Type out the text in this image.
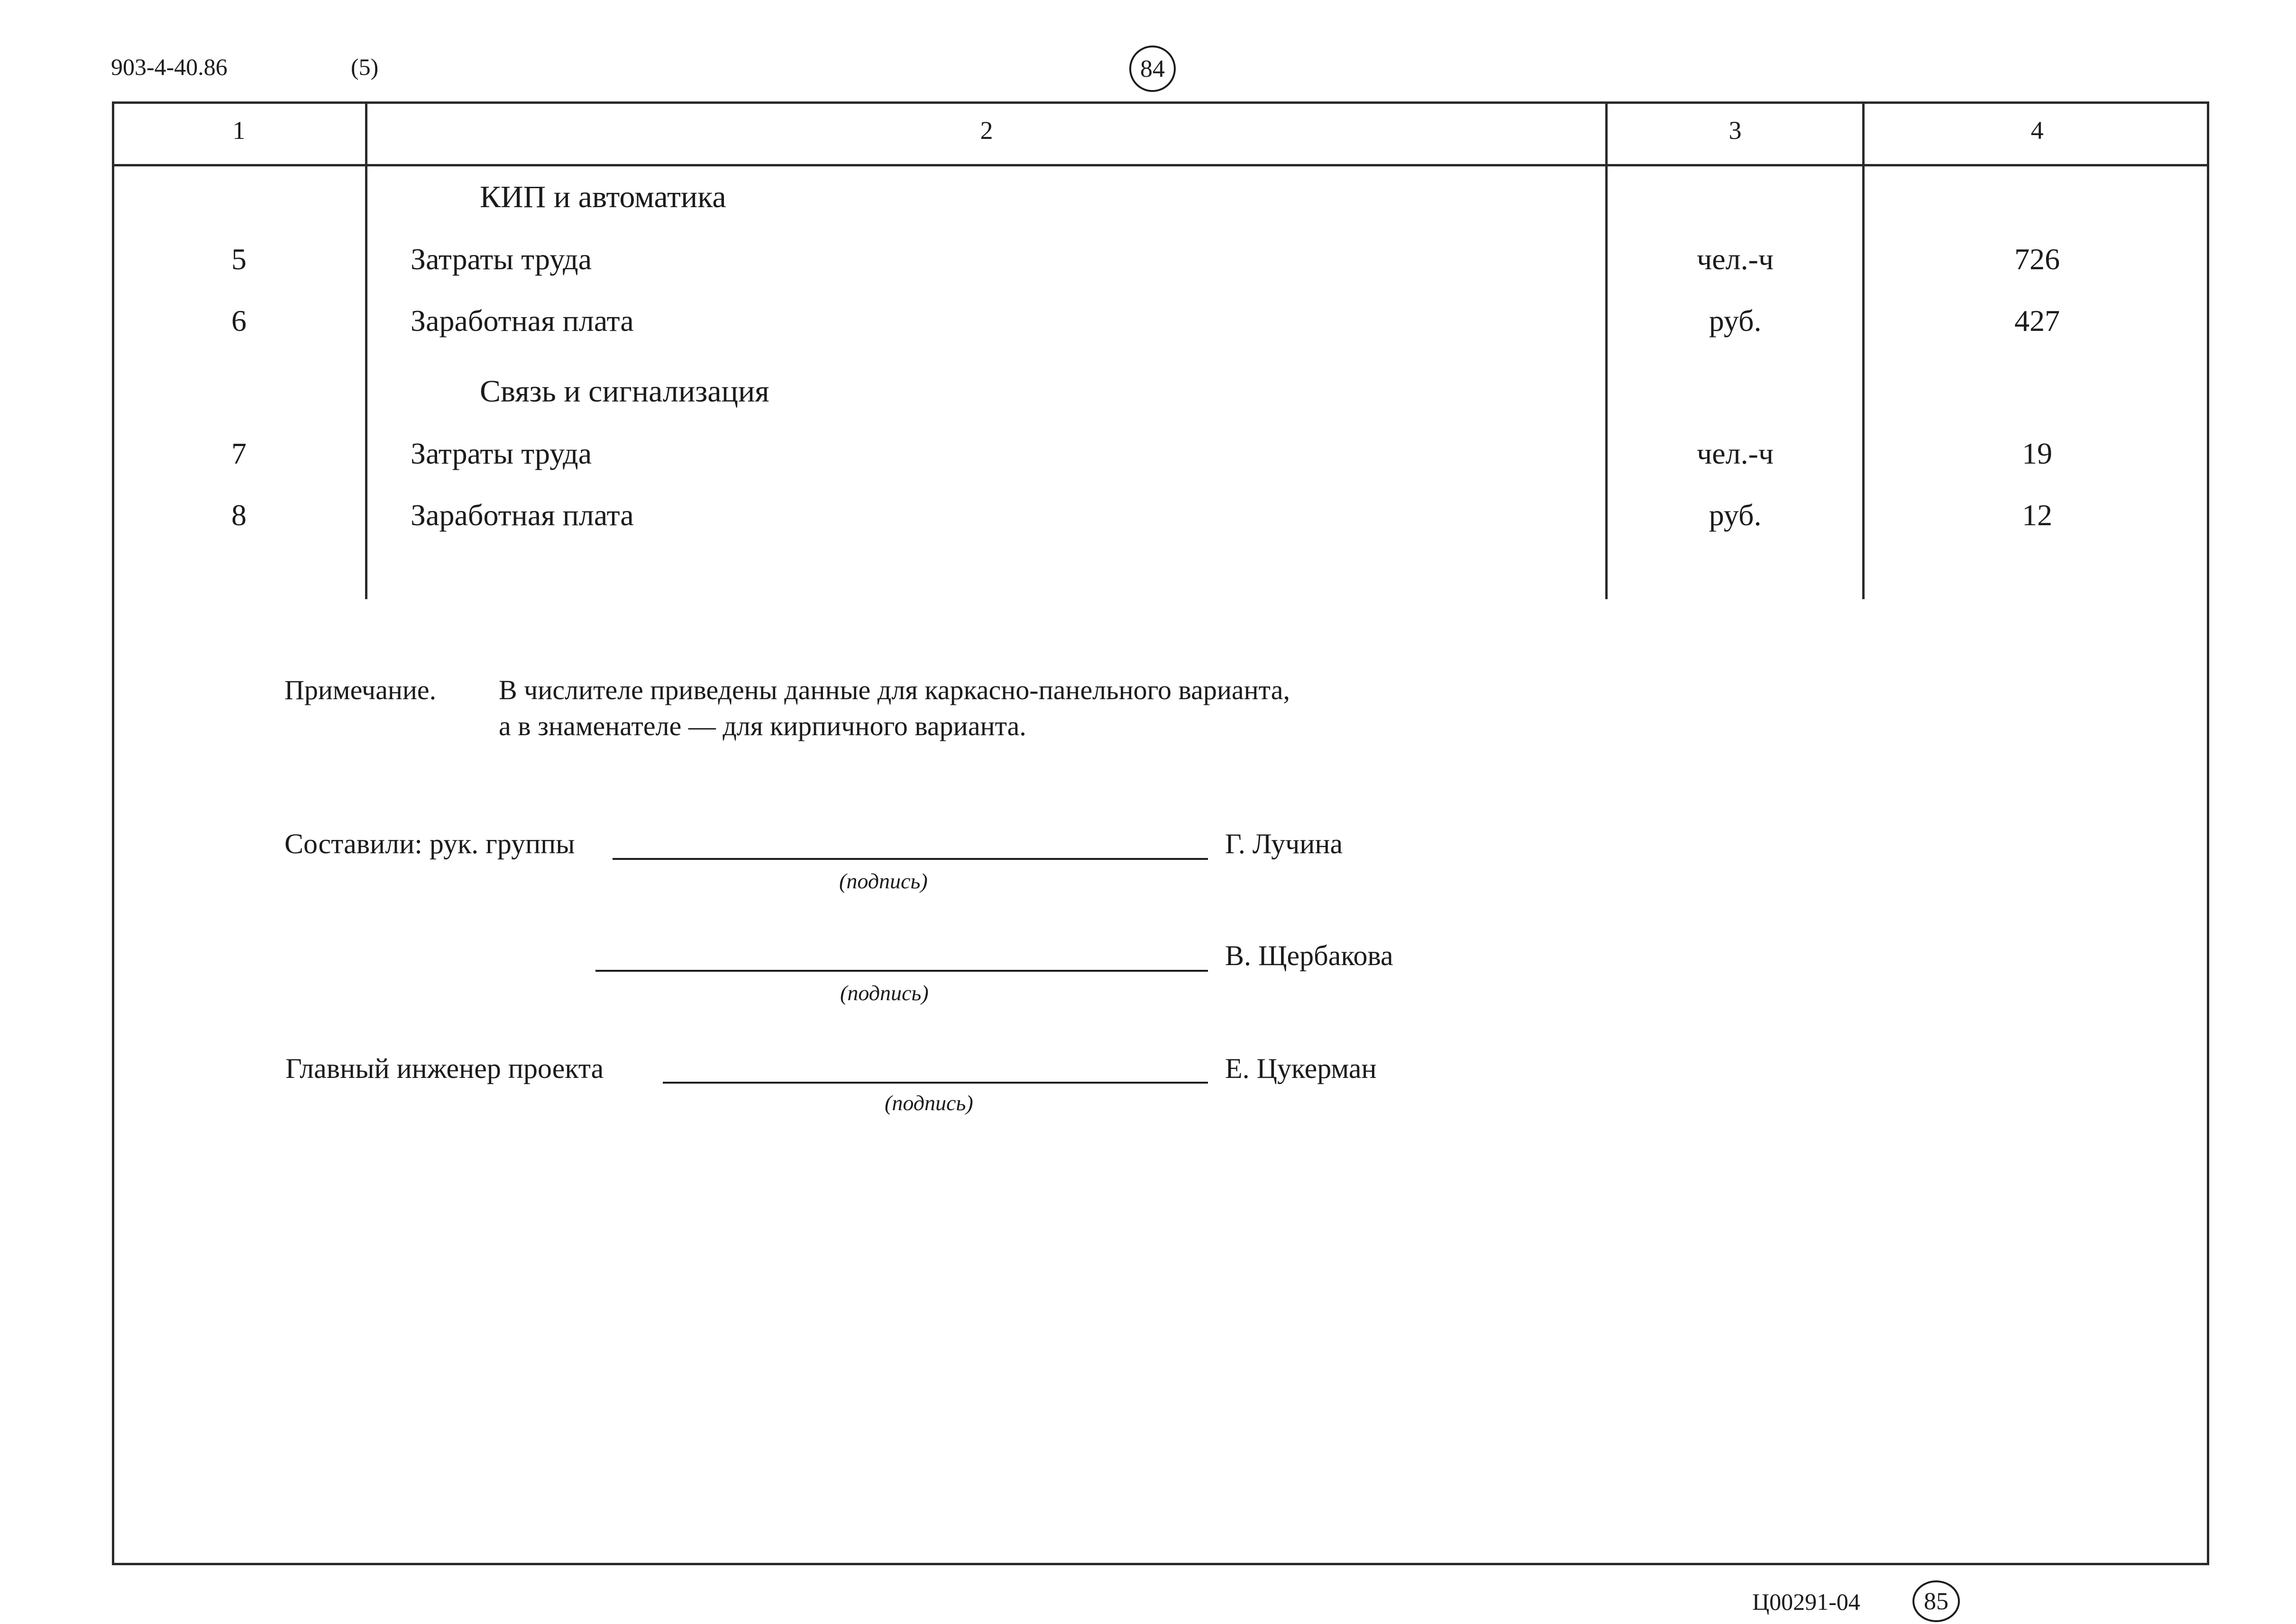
903-4-40.86	(5)	84
1	2	3	4
КИП и автоматика
5	Затраты труда	чел.-ч	726
6	Заработная плата	руб.	427
Связь и сигнализация
7	Затраты труда	чел.-ч	19
8	Заработная плата	руб.	12
Примечание. В числителе приведены данные для каркасно-панельного варианта,
а в знаменателе — для кирпичного варианта.
Составили: рук. группы	Г. Лучина
(подпись)
В. Щербакова
(подпись)
Главный инженер проекта	Е. Цукерман
(подпись)
Ц00291-04	85
